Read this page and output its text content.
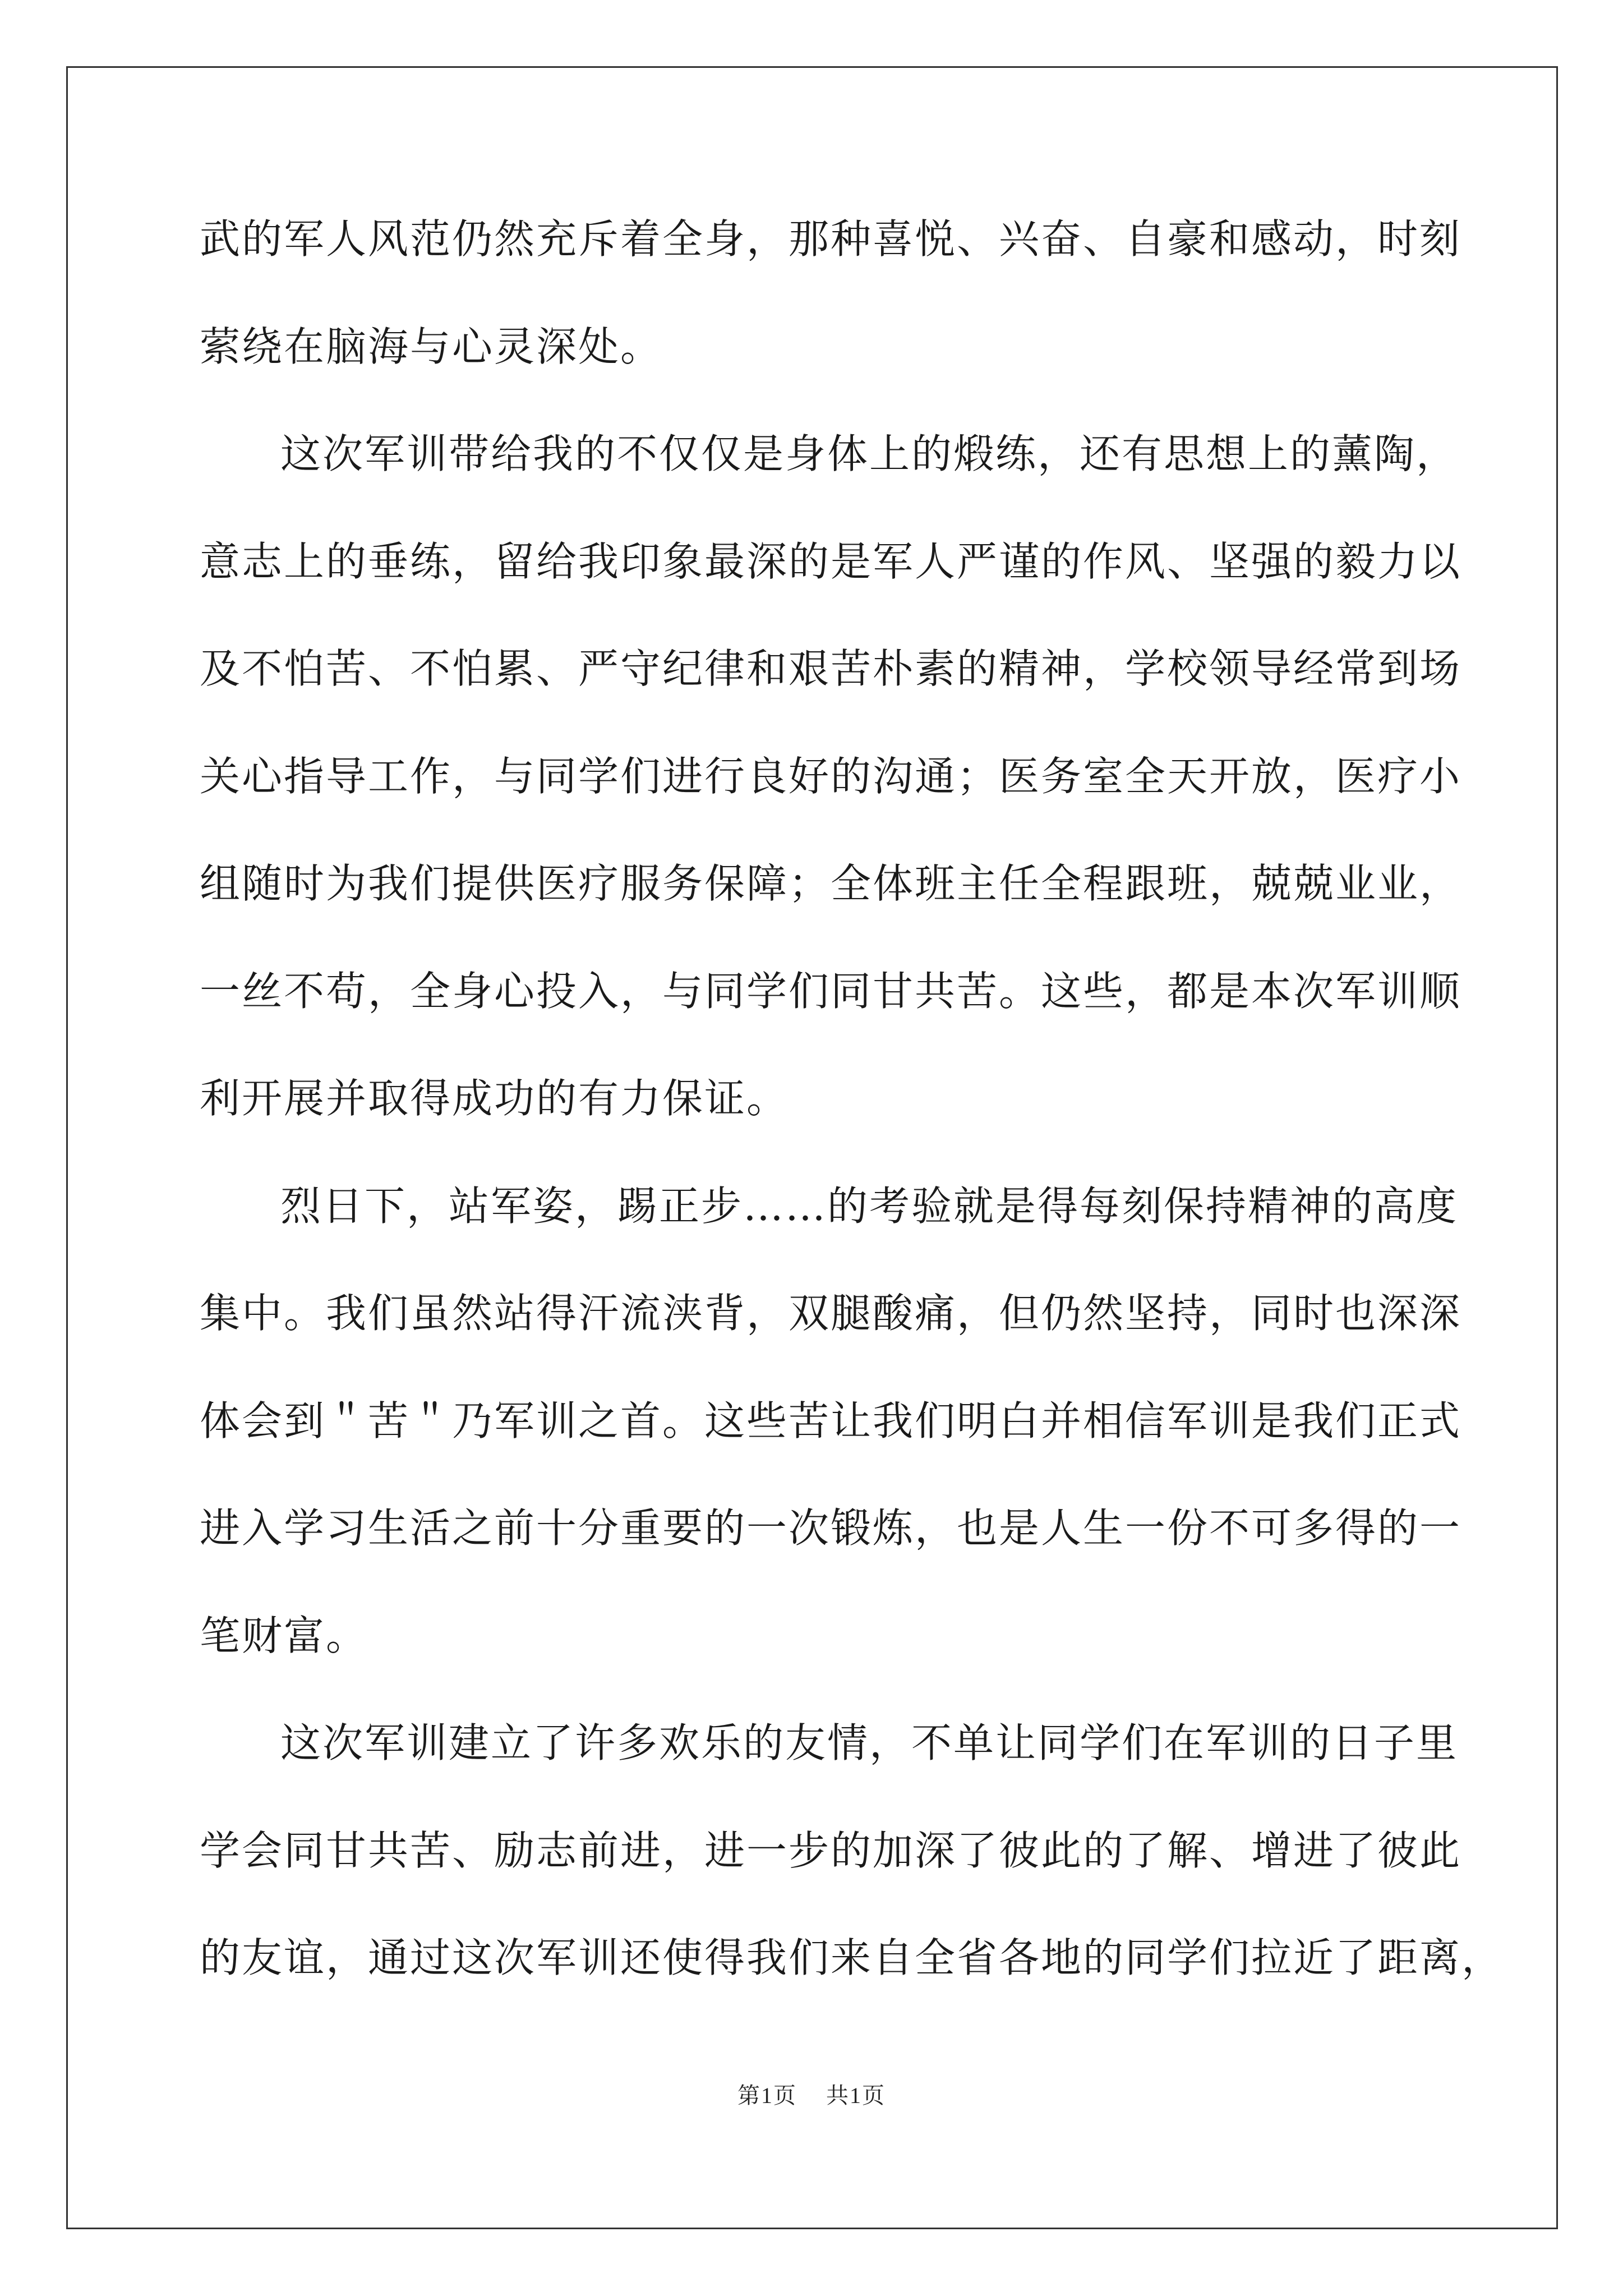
武的军人风范仍然充斥着全身，那种喜悦、兴奋、自豪和感动，时刻
萦绕在脑海与心灵深处。
这次军训带给我的不仅仅是身体上的煅练，还有思想上的薰陶，
意志上的垂练，留给我印象最深的是军人严谨的作风、坚强的毅力以
及不怕苦、不怕累、严守纪律和艰苦朴素的精神，学校领导经常到场
关心指导工作，与同学们进行良好的沟通；医务室全天开放，医疗小
组随时为我们提供医疗服务保障；全体班主任全程跟班，兢兢业业，
一丝不苟，全身心投入，与同学们同甘共苦。这些，都是本次军训顺
利开展并取得成功的有力保证。
烈日下，站军姿，踢正步……的考验就是得每刻保持精神的高度
集中。我们虽然站得汗流浃背，双腿酸痛，但仍然坚持，同时也深深
体会到＂苦＂乃军训之首。这些苦让我们明白并相信军训是我们正式
进入学习生活之前十分重要的一次锻炼，也是人生一份不可多得的一
笔财富。
这次军训建立了许多欢乐的友情，不单让同学们在军训的日子里
学会同甘共苦、励志前进，进一步的加深了彼此的了解、增进了彼此
的友谊，通过这次军训还使得我们来自全省各地的同学们拉近了距离，
第1页 共1页
